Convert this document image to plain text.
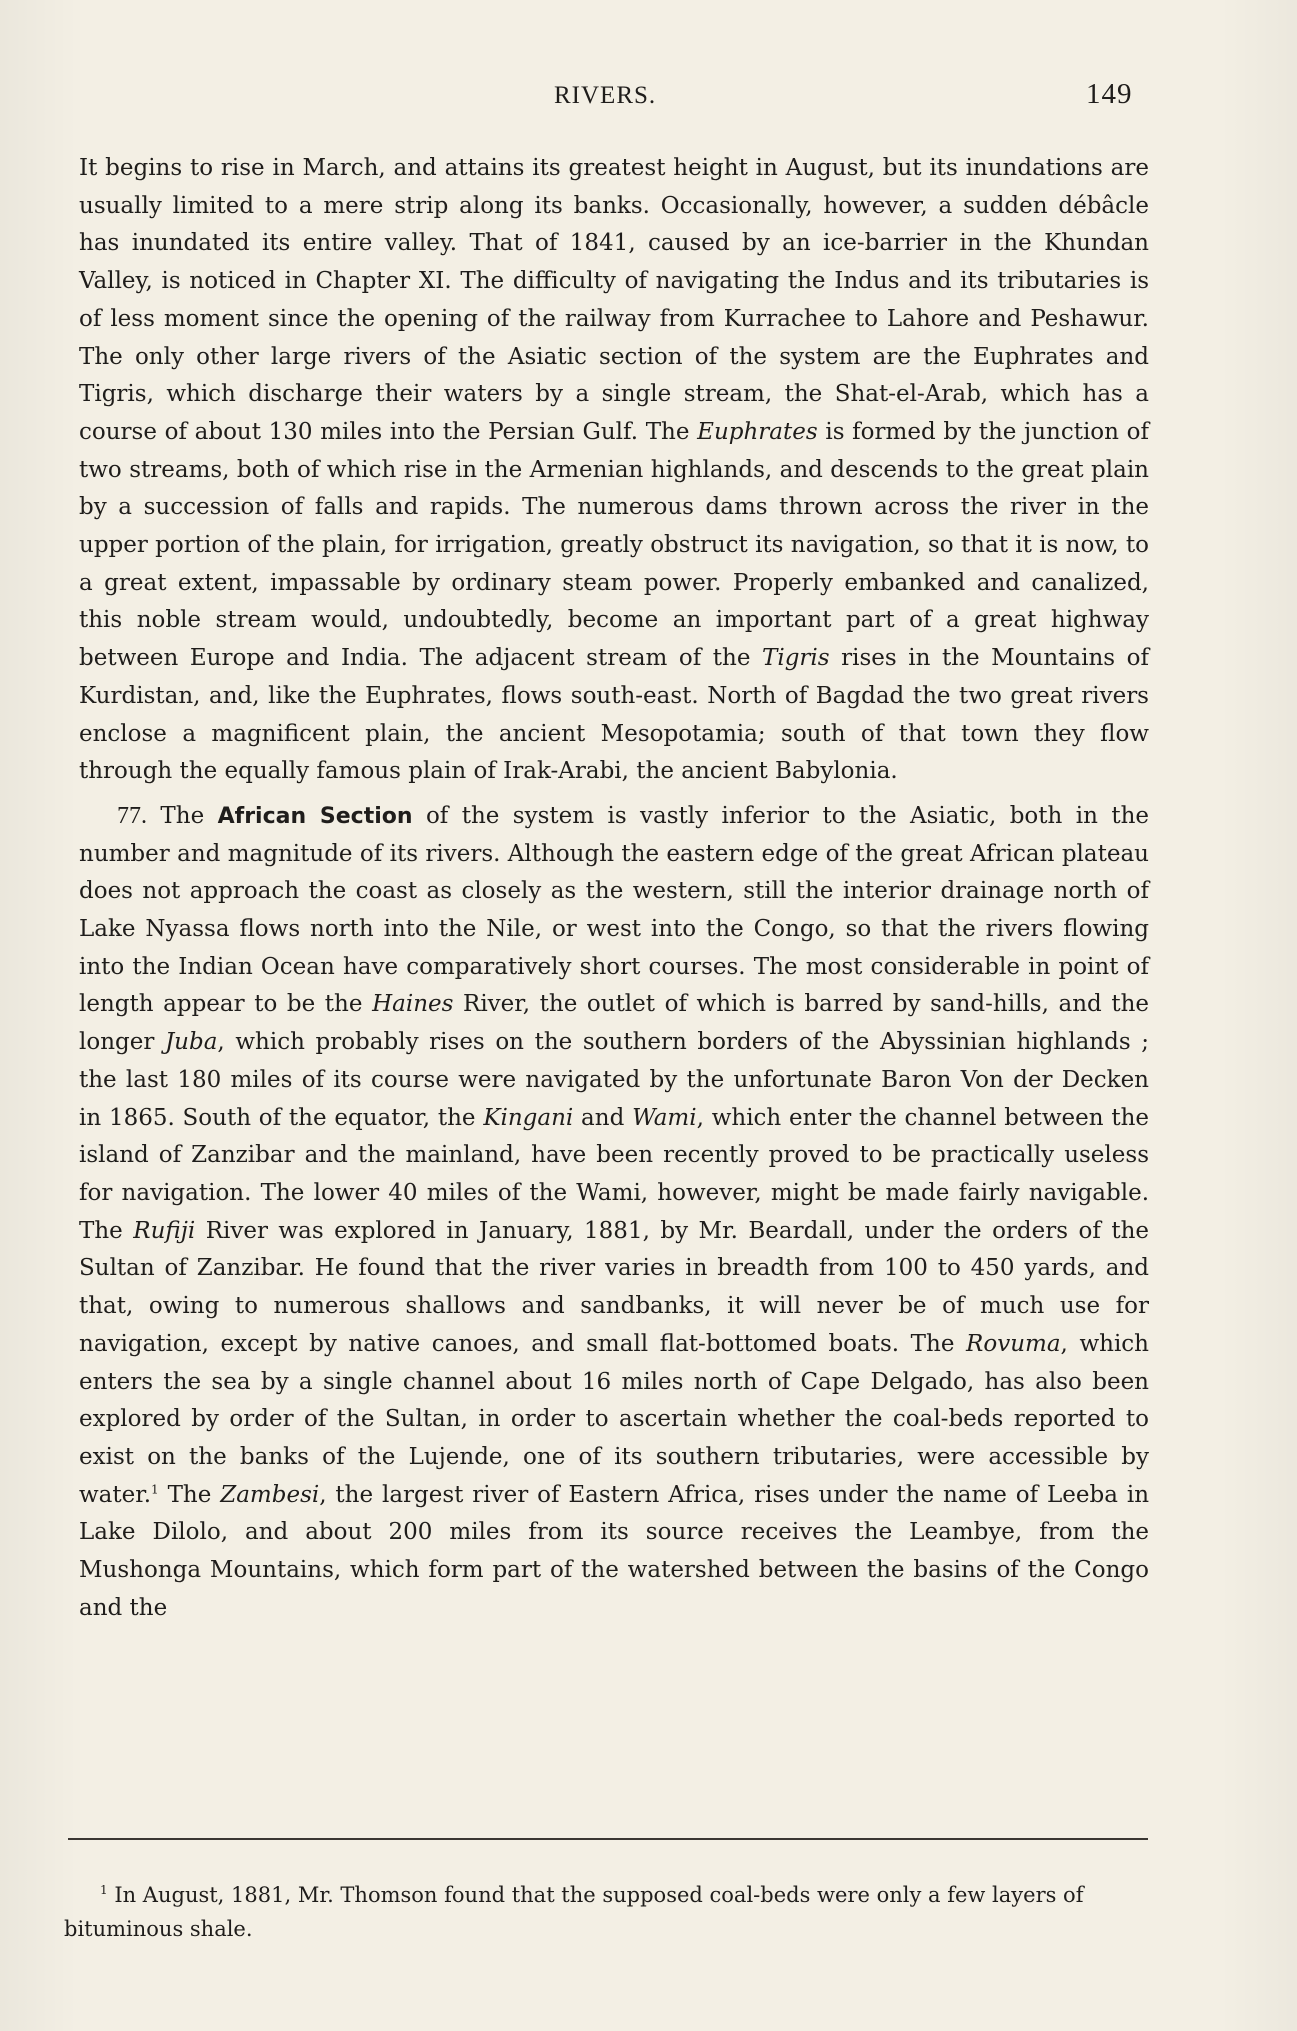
RIVERS.	149

It begins to rise in March, and attains its greatest height in August, but its inundations are usually limited to a mere strip along its banks. Occasionally, however, a sudden débâcle has inundated its entire valley. That of 1841, caused by an ice-barrier in the Khundan Valley, is noticed in Chapter XI. The difficulty of navigating the Indus and its tributaries is of less moment since the opening of the railway from Kurrachee to Lahore and Peshawur. The only other large rivers of the Asiatic section of the system are the Euphrates and Tigris, which discharge their waters by a single stream, the Shat-el-Arab, which has a course of about 130 miles into the Persian Gulf. The Euphrates is formed by the junction of two streams, both of which rise in the Armenian highlands, and descends to the great plain by a succession of falls and rapids. The numerous dams thrown across the river in the upper portion of the plain, for irrigation, greatly obstruct its navigation, so that it is now, to a great extent, impassable by ordinary steam power. Properly embanked and canalized, this noble stream would, undoubtedly, become an important part of a great highway between Europe and India. The adjacent stream of the Tigris rises in the Mountains of Kurdistan, and, like the Euphrates, flows south-east. North of Bagdad the two great rivers enclose a magnificent plain, the ancient Mesopotamia; south of that town they flow through the equally famous plain of Irak-Arabi, the ancient Babylonia.

77. The African Section of the system is vastly inferior to the Asiatic, both in the number and magnitude of its rivers. Although the eastern edge of the great African plateau does not approach the coast as closely as the western, still the interior drainage north of Lake Nyassa flows north into the Nile, or west into the Congo, so that the rivers flowing into the Indian Ocean have comparatively short courses. The most considerable in point of length appear to be the Haines River, the outlet of which is barred by sand-hills, and the longer Juba, which probably rises on the southern borders of the Abyssinian highlands ; the last 180 miles of its course were navigated by the unfortunate Baron Von der Decken in 1865. South of the equator, the Kingani and Wami, which enter the channel between the island of Zanzibar and the mainland, have been recently proved to be practically useless for navigation. The lower 40 miles of the Wami, however, might be made fairly navigable. The Rufiji River was explored in January, 1881, by Mr. Beardall, under the orders of the Sultan of Zanzibar. He found that the river varies in breadth from 100 to 450 yards, and that, owing to numerous shallows and sandbanks, it will never be of much use for navigation, except by native canoes, and small flat-bottomed boats. The Rovuma, which enters the sea by a single channel about 16 miles north of Cape Delgado, has also been explored by order of the Sultan, in order to ascertain whether the coal-beds reported to exist on the banks of the Lujende, one of its southern tributaries, were accessible by water.$^1$ The Zambesi, the largest river of Eastern Africa, rises under the name of Leeba in Lake Dilolo, and about 200 miles from its source receives the Leambye, from the Mushonga Mountains, which form part of the watershed between the basins of the Congo and the

$^1$ In August, 1881, Mr. Thomson found that the supposed coal-beds were only a few layers of bituminous shale.
